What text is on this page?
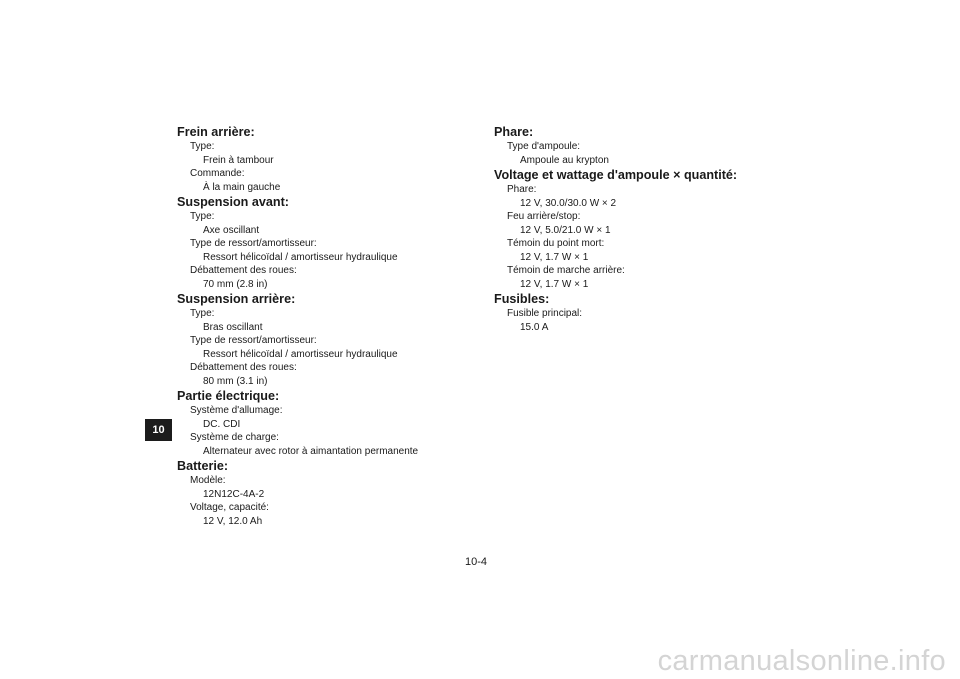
10
Frein arrière:
Type:
Frein à tambour
Commande:
À la main gauche
Suspension avant:
Type:
Axe oscillant
Type de ressort/amortisseur:
Ressort hélicoïdal / amortisseur hydraulique
Débattement des roues:
70 mm (2.8 in)
Suspension arrière:
Type:
Bras oscillant
Type de ressort/amortisseur:
Ressort hélicoïdal / amortisseur hydraulique
Débattement des roues:
80 mm (3.1 in)
Partie électrique:
Système d'allumage:
DC. CDI
Système de charge:
Alternateur avec rotor à aimantation permanente
Batterie:
Modèle:
12N12C-4A-2
Voltage, capacité:
12 V, 12.0 Ah
Phare:
Type d'ampoule:
Ampoule au krypton
Voltage et wattage d'ampoule × quantité:
Phare:
12 V, 30.0/30.0 W × 2
Feu arrière/stop:
12 V, 5.0/21.0 W × 1
Témoin du point mort:
12 V, 1.7 W × 1
Témoin de marche arrière:
12 V, 1.7 W × 1
Fusibles:
Fusible principal:
15.0 A
10-4
carmanualsonline.info
